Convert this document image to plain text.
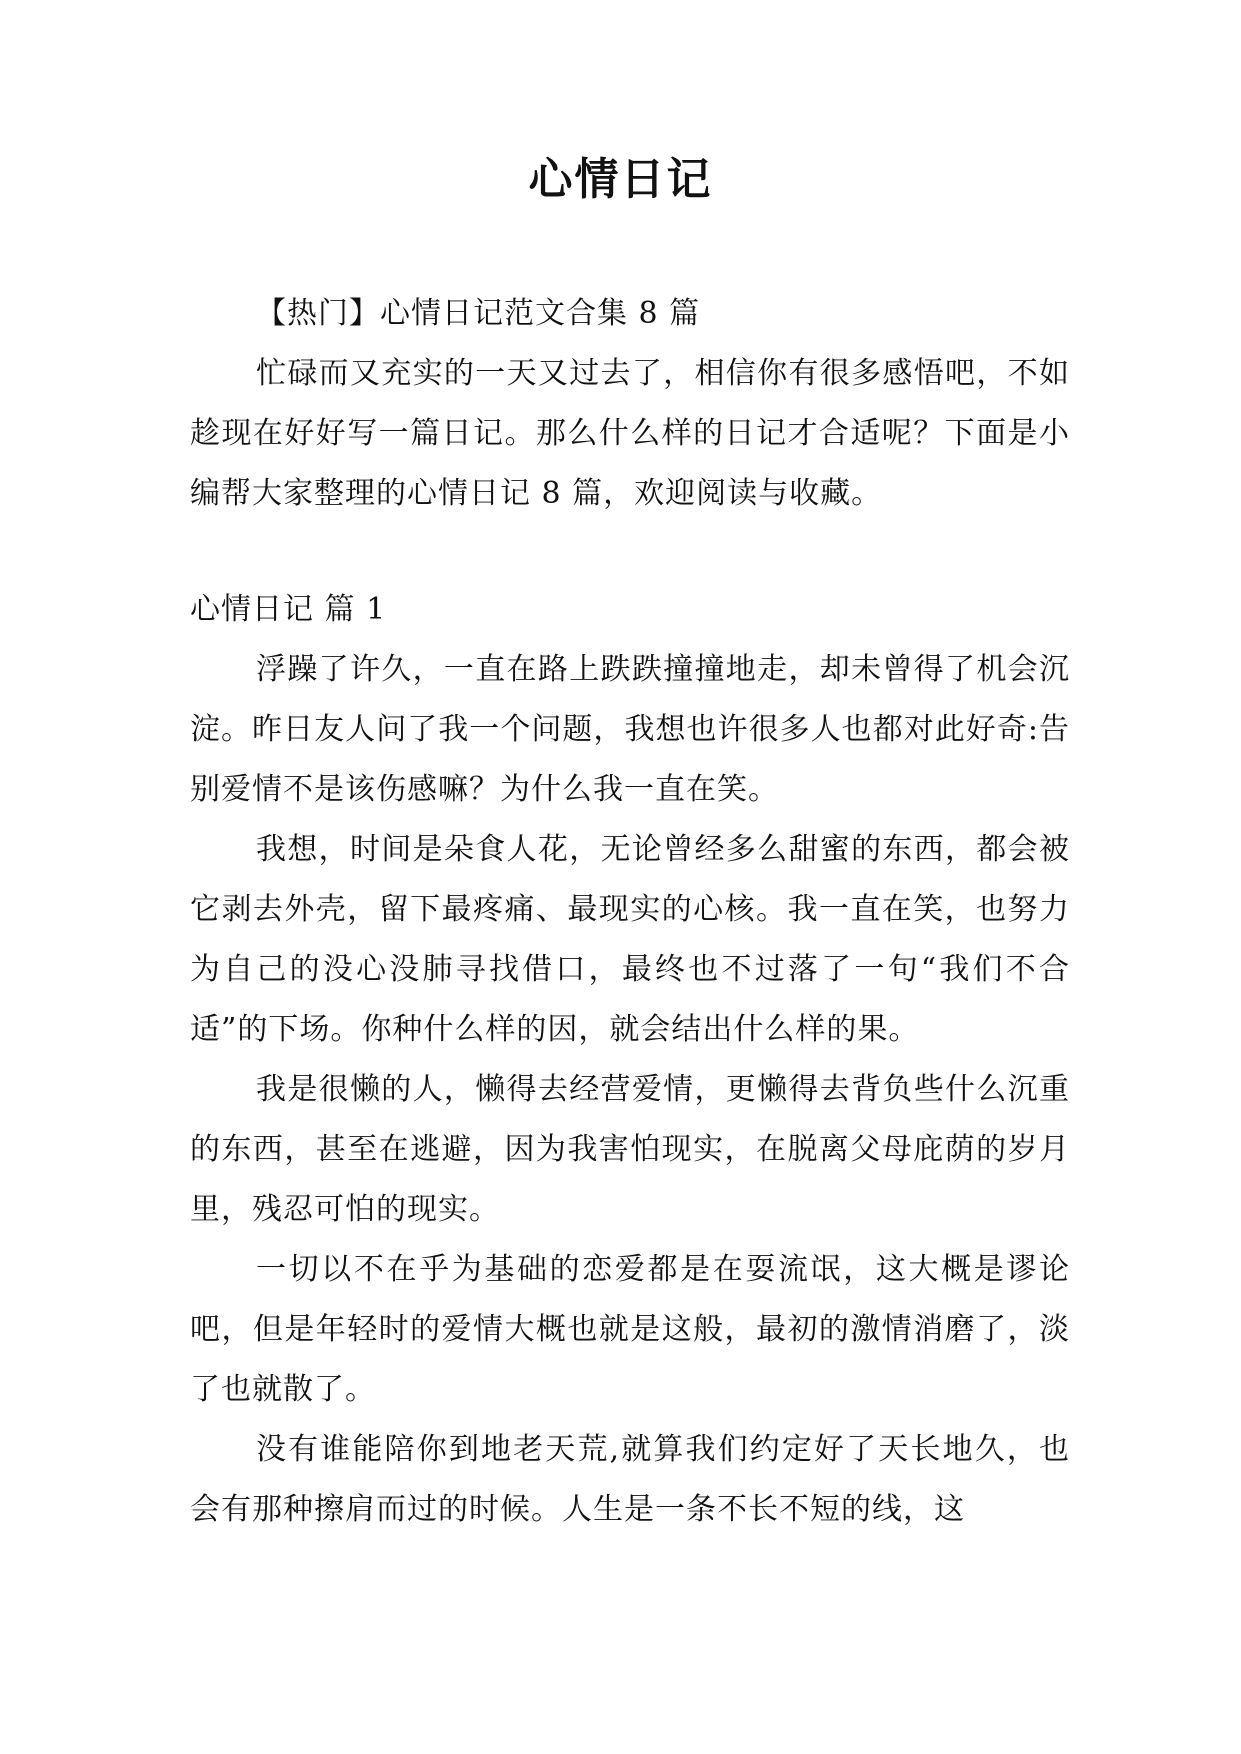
心情日记

【热门】心情日记范文合集 8 篇

忙碌而又充实的一天又过去了，相信你有很多感悟吧，不如趁现在好好写一篇日记。那么什么样的日记才合适呢？下面是小编帮大家整理的心情日记 8 篇，欢迎阅读与收藏。

心情日记 篇 1

浮躁了许久，一直在路上跌跌撞撞地走，却未曾得了机会沉淀。昨日友人问了我一个问题，我想也许很多人也都对此好奇:告别爱情不是该伤感嘛？为什么我一直在笑。

我想，时间是朵食人花，无论曾经多么甜蜜的东西，都会被它剥去外壳，留下最疼痛、最现实的心核。我一直在笑，也努力为自己的没心没肺寻找借口，最终也不过落了一句“我们不合适”的下场。你种什么样的因，就会结出什么样的果。

我是很懒的人，懒得去经营爱情，更懒得去背负些什么沉重的东西，甚至在逃避，因为我害怕现实，在脱离父母庇荫的岁月里，残忍可怕的现实。

一切以不在乎为基础的恋爱都是在耍流氓，这大概是谬论吧，但是年轻时的爱情大概也就是这般，最初的激情消磨了，淡了也就散了。

没有谁能陪你到地老天荒,就算我们约定好了天长地久，也会有那种擦肩而过的时候。人生是一条不长不短的线，这
